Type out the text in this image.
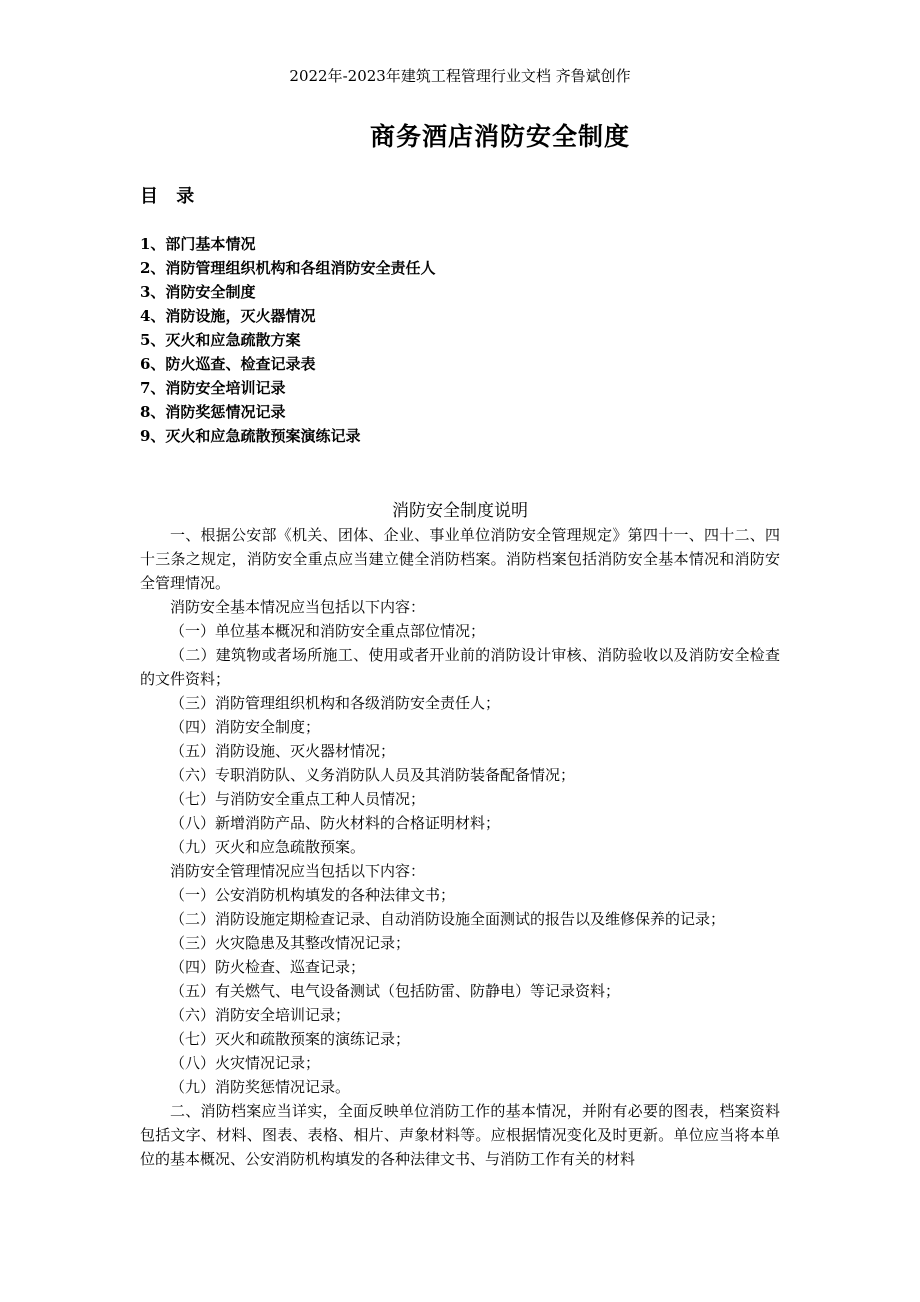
2022年-2023年建筑工程管理行业文档 齐鲁斌创作
商务酒店消防安全制度
目 录
1、部门基本情况
2、消防管理组织机构和各组消防安全责任人
3、消防安全制度
4、消防设施，灭火器情况
5、灭火和应急疏散方案
6、防火巡查、检查记录表
7、消防安全培训记录
8、消防奖惩情况记录
9、灭火和应急疏散预案演练记录
消防安全制度说明

一、根据公安部《机关、团体、企业、事业单位消防安全管理规定》第四十一、四十二、四十三条之规定，消防安全重点应当建立健全消防档案。消防档案包括消防安全基本情况和消防安全管理情况。

消防安全基本情况应当包括以下内容：

（一）单位基本概况和消防安全重点部位情况；

（二）建筑物或者场所施工、使用或者开业前的消防设计审核、消防验收以及消防安全检查的文件资料；

（三）消防管理组织机构和各级消防安全责任人；

（四）消防安全制度；

（五）消防设施、灭火器材情况；

（六）专职消防队、义务消防队人员及其消防装备配备情况；

（七）与消防安全重点工种人员情况；

（八）新增消防产品、防火材料的合格证明材料；

（九）灭火和应急疏散预案。

消防安全管理情况应当包括以下内容：

（一）公安消防机构填发的各种法律文书；

（二）消防设施定期检查记录、自动消防设施全面测试的报告以及维修保养的记录；

（三）火灾隐患及其整改情况记录；

（四）防火检查、巡查记录；

（五）有关燃气、电气设备测试（包括防雷、防静电）等记录资料；

（六）消防安全培训记录；

（七）灭火和疏散预案的演练记录；

（八）火灾情况记录；

（九）消防奖惩情况记录。

二、消防档案应当详实，全面反映单位消防工作的基本情况，并附有必要的图表，档案资料包括文字、材料、图表、表格、相片、声象材料等。应根据情况变化及时更新。单位应当将本单位的基本概况、公安消防机构填发的各种法律文书、与消防工作有关的材料
